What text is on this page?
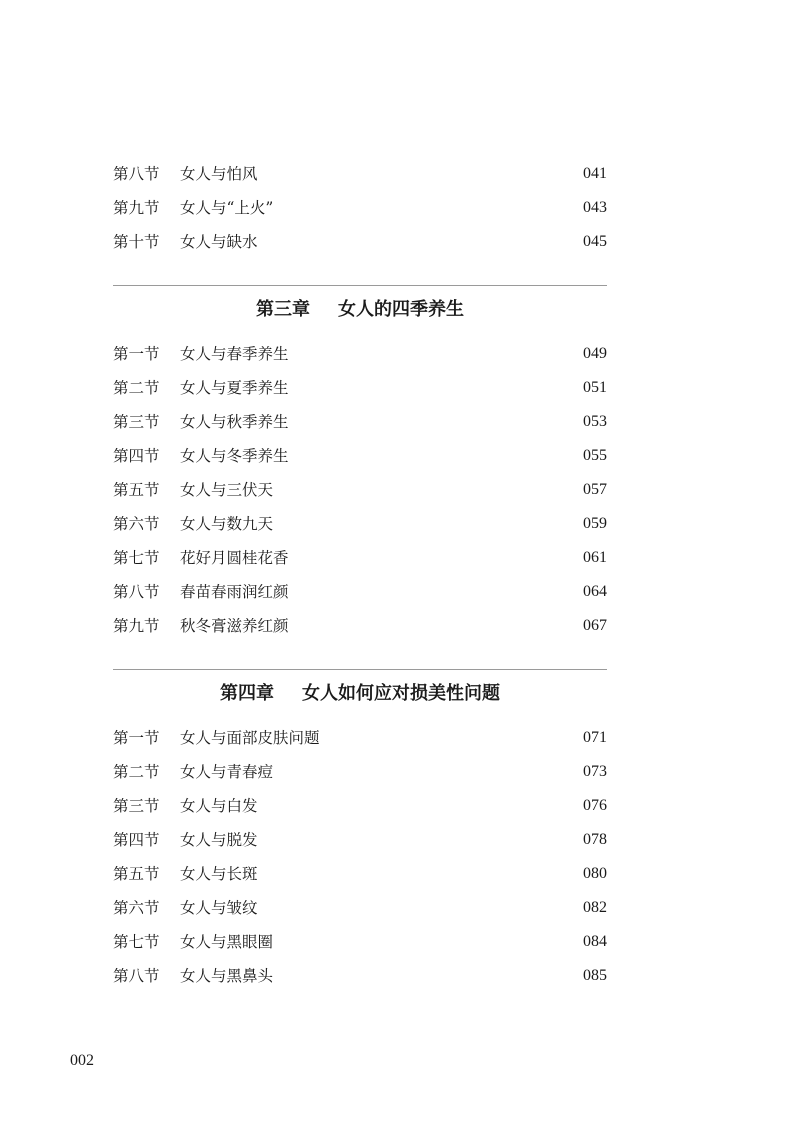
第三章 女人的四季养生
第四章 女人如何应对损美性问题
第八节 女人与怕风	041
第九节 女人与“上火”	043
第十节 女人与缺水	045
第一节 女人与春季养生	049
第二节 女人与夏季养生	051
第三节 女人与秋季养生	053
第四节 女人与冬季养生	055
第五节 女人与三伏天	057
第六节 女人与数九天	059
第七节 花好月圆桂花香	061
第八节 春苗春雨润红颜	064
第九节 秋冬膏滋养红颜	067
第一节 女人与面部皮肤问题	071
第二节 女人与青春痘	073
第三节 女人与白发	076
第四节 女人与脱发	078
第五节 女人与长斑	080
第六节 女人与皱纹	082
第七节 女人与黑眼圈	084
第八节 女人与黑鼻头	085
002
